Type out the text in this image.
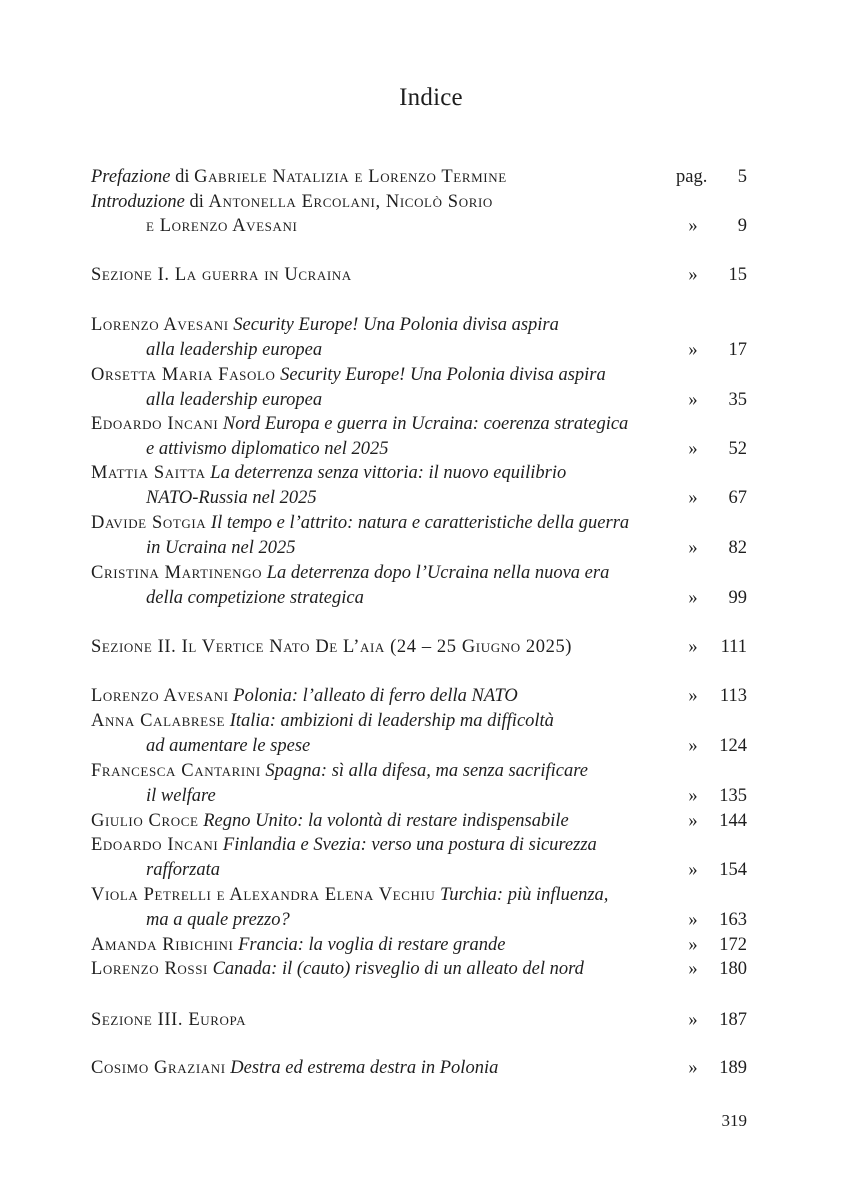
Indice
Prefazione di Gabriele Natalizia e Lorenzo Termine	pag. 5
Introduzione di Antonella Ercolani, Nicolò Sorio
e Lorenzo Avesani	»	9
Sezione I. La guerra in Ucraina	»	15
Lorenzo Avesani Security Europe! Una Polonia divisa aspira
alla leadership europea	»	17
Orsetta Maria Fasolo Security Europe! Una Polonia divisa aspira
alla leadership europea	»	35
Edoardo Incani Nord Europa e guerra in Ucraina: coerenza strategica
e attivismo diplomatico nel 2025	»	52
Mattia Saitta La deterrenza senza vittoria: il nuovo equilibrio
NATO-Russia nel 2025	»	67
Davide Sotgia Il tempo e l’attrito: natura e caratteristiche della guerra
in Ucraina nel 2025	»	82
Cristina Martinengo La deterrenza dopo l’Ucraina nella nuova era
della competizione strategica	»	99
Sezione II. Il Vertice Nato De L’aia (24 – 25 Giugno 2025)	»	111
Lorenzo Avesani Polonia: l’alleato di ferro della NATO	»	113
Anna Calabrese Italia: ambizioni di leadership ma difficoltà
ad aumentare le spese	»	124
Francesca Cantarini Spagna: sì alla difesa, ma senza sacrificare
il welfare	»	135
Giulio Croce Regno Unito: la volontà di restare indispensabile	»	144
Edoardo Incani Finlandia e Svezia: verso una postura di sicurezza
rafforzata	»	154
Viola Petrelli e Alexandra Elena Vechiu Turchia: più influenza,
ma a quale prezzo?	»	163
Amanda Ribichini Francia: la voglia di restare grande	»	172
Lorenzo Rossi Canada: il (cauto) risveglio di un alleato del nord	»	180
Sezione III. Europa	»	187
Cosimo Graziani Destra ed estrema destra in Polonia	»	189
319
